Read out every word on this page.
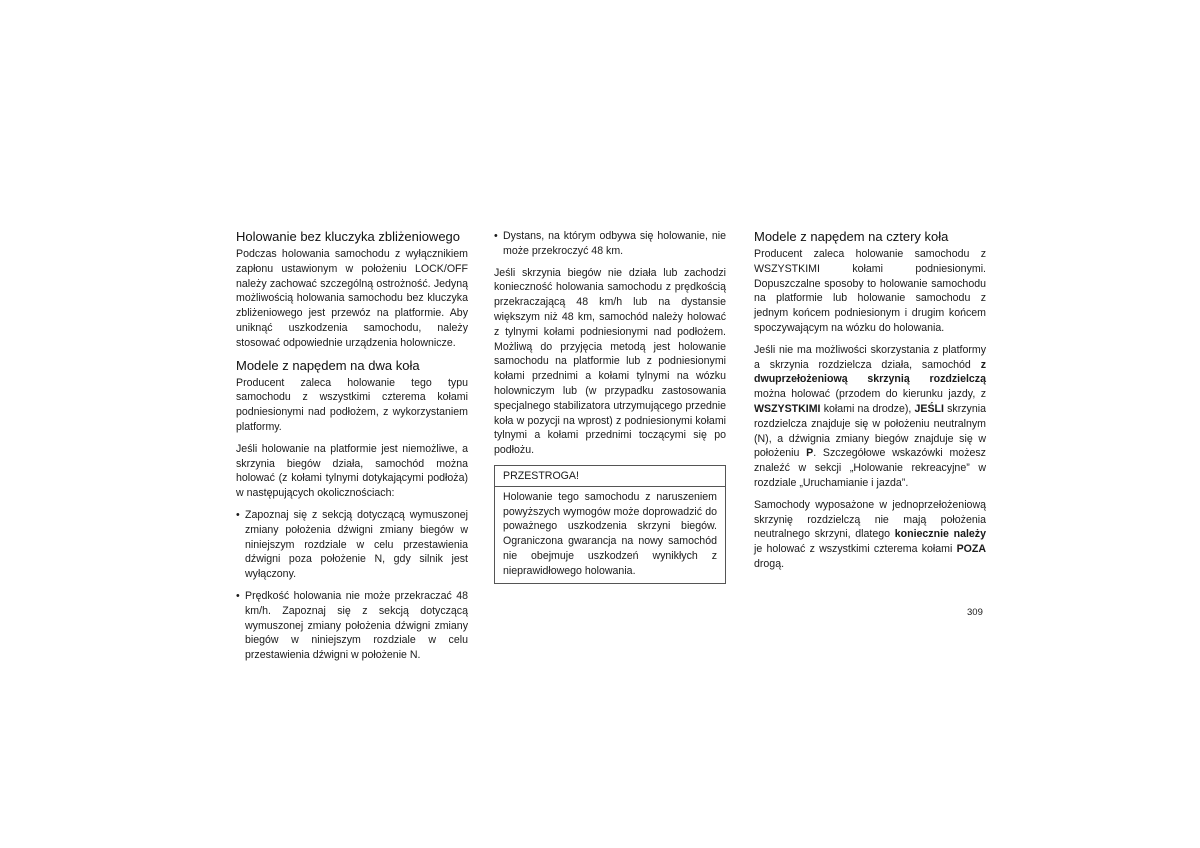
Holowanie bez kluczyka zbliżeniowego

Podczas holowania samochodu z wyłącznikiem zapłonu ustawionym w położeniu LOCK/OFF należy zachować szczególną ostrożność. Jedyną możliwością holowania samochodu bez kluczyka zbliżeniowego jest przewóz na platformie. Aby uniknąć uszkodzenia samochodu, należy stosować odpowiednie urządzenia holownicze.

Modele z napędem na dwa koła

Producent zaleca holowanie tego typu samochodu z wszystkimi czterema kołami podniesionymi nad podłożem, z wykorzystaniem platformy.

Jeśli holowanie na platformie jest niemożliwe, a skrzynia biegów działa, samochód można holować (z kołami tylnymi dotykającymi podłoża) w następujących okolicznościach:

• Zapoznaj się z sekcją dotyczącą wymuszonej zmiany położenia dźwigni zmiany biegów w niniejszym rozdziale w celu przestawienia dźwigni poza położenie N, gdy silnik jest wyłączony.
• Prędkość holowania nie może przekraczać 48 km/h. Zapoznaj się z sekcją dotyczącą wymuszonej zmiany położenia dźwigni zmiany biegów w niniejszym rozdziale w celu przestawienia dźwigni w położenie N.
• Dystans, na którym odbywa się holowanie, nie może przekroczyć 48 km.

Jeśli skrzynia biegów nie działa lub zachodzi konieczność holowania samochodu z prędkością przekraczającą 48 km/h lub na dystansie większym niż 48 km, samochód należy holować z tylnymi kołami podniesionymi nad podłożem. Możliwą do przyjęcia metodą jest holowanie samochodu na platformie lub z podniesionymi kołami przednimi a kołami tylnymi na wózku holowniczym lub (w przypadku zastosowania specjalnego stabilizatora utrzymującego przednie koła w pozycji na wprost) z podniesionymi kołami tylnymi a kołami przednimi toczącymi się po podłożu.

PRZESTROGA!
Holowanie tego samochodu z naruszeniem powyższych wymogów może doprowadzić do poważnego uszkodzenia skrzyni biegów. Ograniczona gwarancja na nowy samochód nie obejmuje uszkodzeń wynikłych z nieprawidłowego holowania.
Modele z napędem na cztery koła

Producent zaleca holowanie samochodu z WSZYSTKIMI kołami podniesionymi. Dopuszczalne sposoby to holowanie samochodu na platformie lub holowanie samochodu z jednym końcem podniesionym i drugim końcem spoczywającym na wózku do holowania.

Jeśli nie ma możliwości skorzystania z platformy a skrzynia rozdzielcza działa, samochód z dwuprzełożeniową skrzynią rozdzielczą można holować (przodem do kierunku jazdy, z WSZYSTKIMI kołami na drodze), JEŚLI skrzynia rozdzielcza znajduje się w położeniu neutralnym (N), a dźwignia zmiany biegów znajduje się w położeniu P. Szczegółowe wskazówki możesz znaleźć w sekcji „Holowanie rekreacyjne” w rozdziale „Uruchamianie i jazda”.

Samochody wyposażone w jednoprzełożeniową skrzynię rozdzielczą nie mają położenia neutralnego skrzyni, dlatego koniecznie należy je holować z wszystkimi czterema kołami POZA drogą.

309
